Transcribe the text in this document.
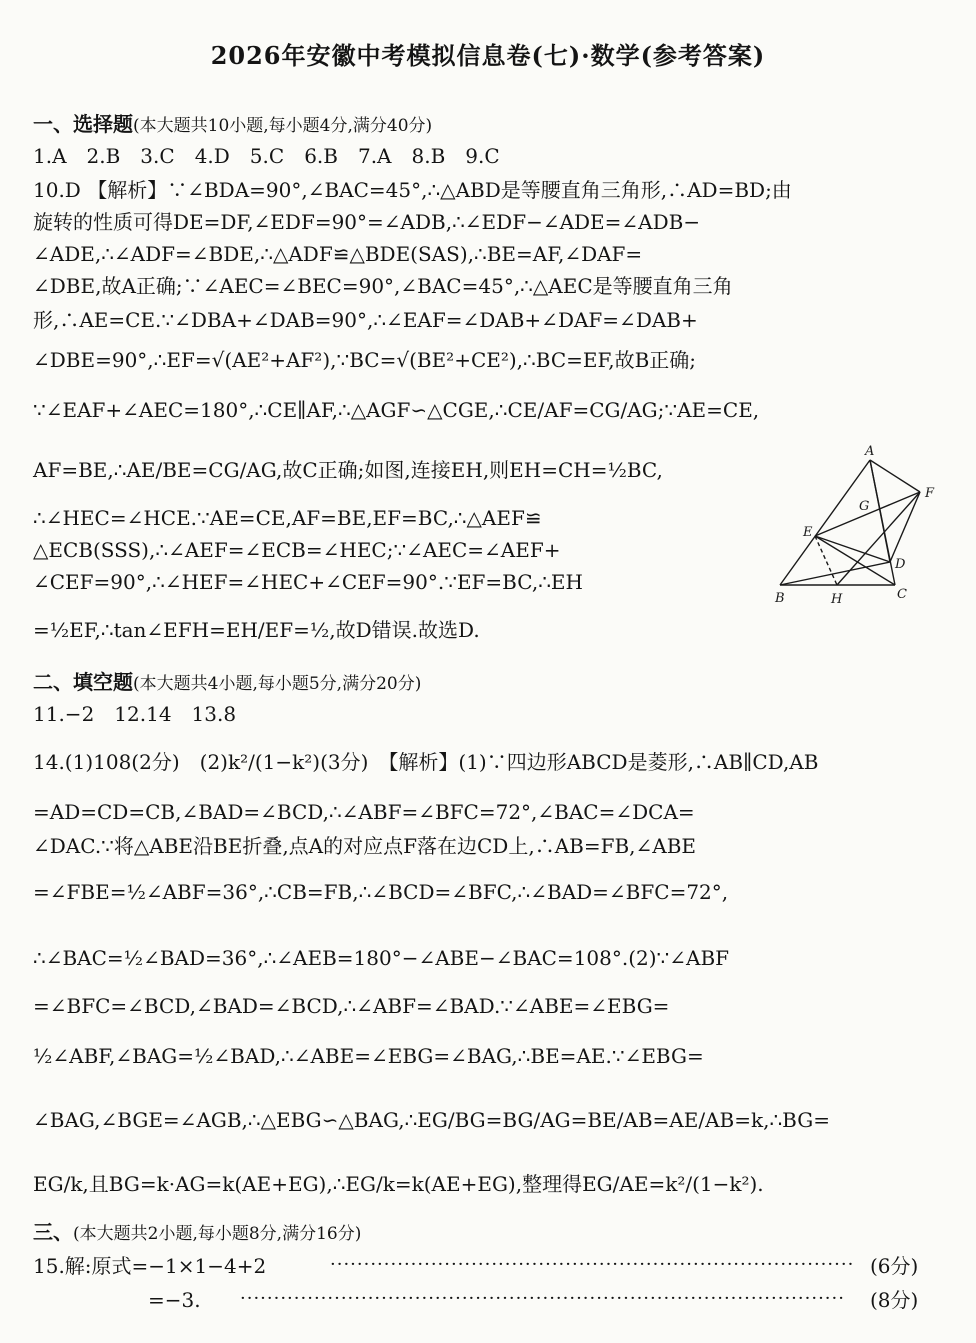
2026年安徽中考模拟信息卷(七)·数学(参考答案)
一、选择题(本大题共10小题,每小题4分,满分40分)
1.A　2.B　3.C　4.D　5.C　6.B　7.A　8.B　9.C
10.D 【解析】∵∠BDA=90°,∠BAC=45°,∴△ABD是等腰直角三角形,∴AD=BD;由
旋转的性质可得DE=DF,∠EDF=90°=∠ADB,∴∠EDF−∠ADE=∠ADB−
∠ADE,∴∠ADF=∠BDE,∴△ADF≌△BDE(SAS),∴BE=AF,∠DAF=
∠DBE,故A正确;∵∠AEC=∠BEC=90°,∠BAC=45°,∴△AEC是等腰直角三角
形,∴AE=CE.∵∠DBA+∠DAB=90°,∴∠EAF=∠DAB+∠DAF=∠DAB+
∠DBE=90°,∴EF=√(AE²+AF²),∵BC=√(BE²+CE²),∴BC=EF,故B正确;
∵∠EAF+∠AEC=180°,∴CE∥AF,∴△AGF∽△CGE,∴CE/AF=CG/AG;∵AE=CE,
AF=BE,∴AE/BE=CG/AG,故C正确;如图,连接EH,则EH=CH=½BC,
∴∠HEC=∠HCE.∵AE=CE,AF=BE,EF=BC,∴△AEF≌
△ECB(SSS),∴∠AEF=∠ECB=∠HEC;∵∠AEC=∠AEF+
∠CEF=90°,∴∠HEF=∠HEC+∠CEF=90°.∵EF=BC,∴EH
=½EF,∴tan∠EFH=EH/EF=½,故D错误.故选D.
A
F
G
E
D
B	H	C
二、填空题(本大题共4小题,每小题5分,满分20分)
11.−2　12.14　13.8
14.(1)108(2分)　(2)k²/(1−k²)(3分)　【解析】(1)∵四边形ABCD是菱形,∴AB∥CD,AB
=AD=CD=CB,∠BAD=∠BCD,∴∠ABF=∠BFC=72°,∠BAC=∠DCA=
∠DAC.∵将△ABE沿BE折叠,点A的对应点F落在边CD上,∴AB=FB,∠ABE
=∠FBE=½∠ABF=36°,∴CB=FB,∴∠BCD=∠BFC,∴∠BAD=∠BFC=72°,
∴∠BAC=½∠BAD=36°,∴∠AEB=180°−∠ABE−∠BAC=108°.(2)∵∠ABF
=∠BFC=∠BCD,∠BAD=∠BCD,∴∠ABF=∠BAD.∵∠ABE=∠EBG=
½∠ABF,∠BAG=½∠BAD,∴∠ABE=∠EBG=∠BAG,∴BE=AE.∵∠EBG=
∠BAG,∠BGE=∠AGB,∴△EBG∽△BAG,∴EG/BG=BG/AG=BE/AB=AE/AB=k,∴BG=
EG/k,且BG=k·AG=k(AE+EG),∴EG/k=k(AE+EG),整理得EG/AE=k²/(1−k²).
三、(本大题共2小题,每小题8分,满分16分)
15.解:原式=−1×1−4+2	·············································································· (6分)
=−3.	··························································································	(8分)
